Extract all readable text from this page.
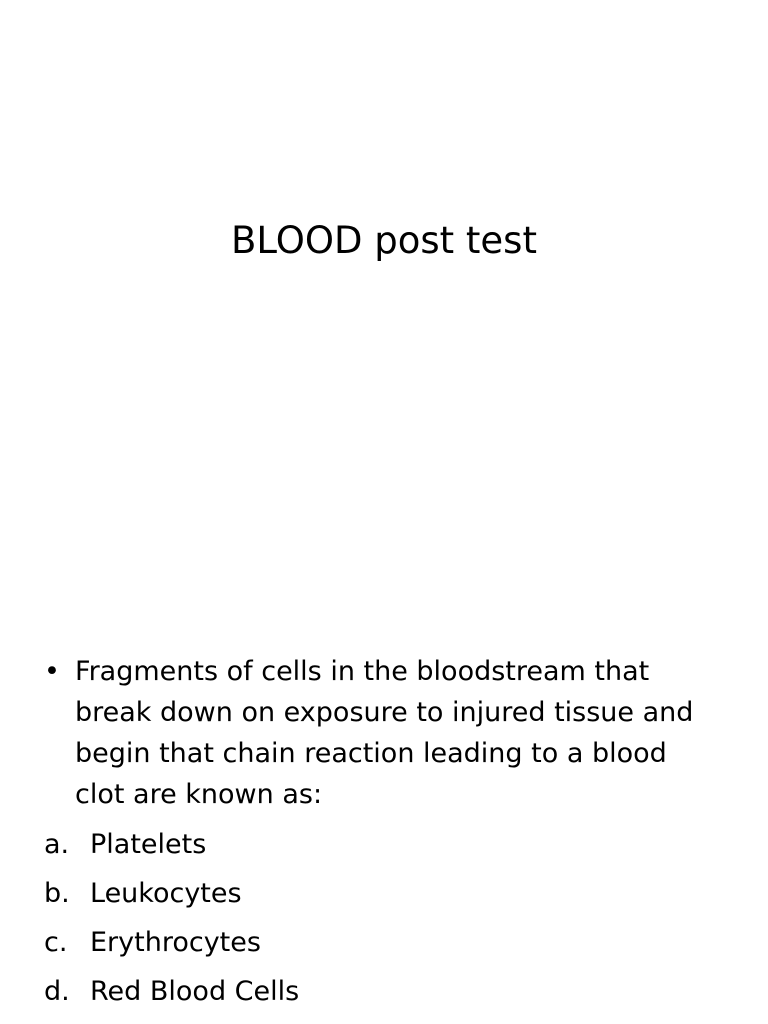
BLOOD post test

• Fragments of cells in the bloodstream that break down on exposure to injured tissue and begin that chain reaction leading to a blood clot are known as:

a. Platelets
b. Leukocytes
c. Erythrocytes
d. Red Blood Cells
